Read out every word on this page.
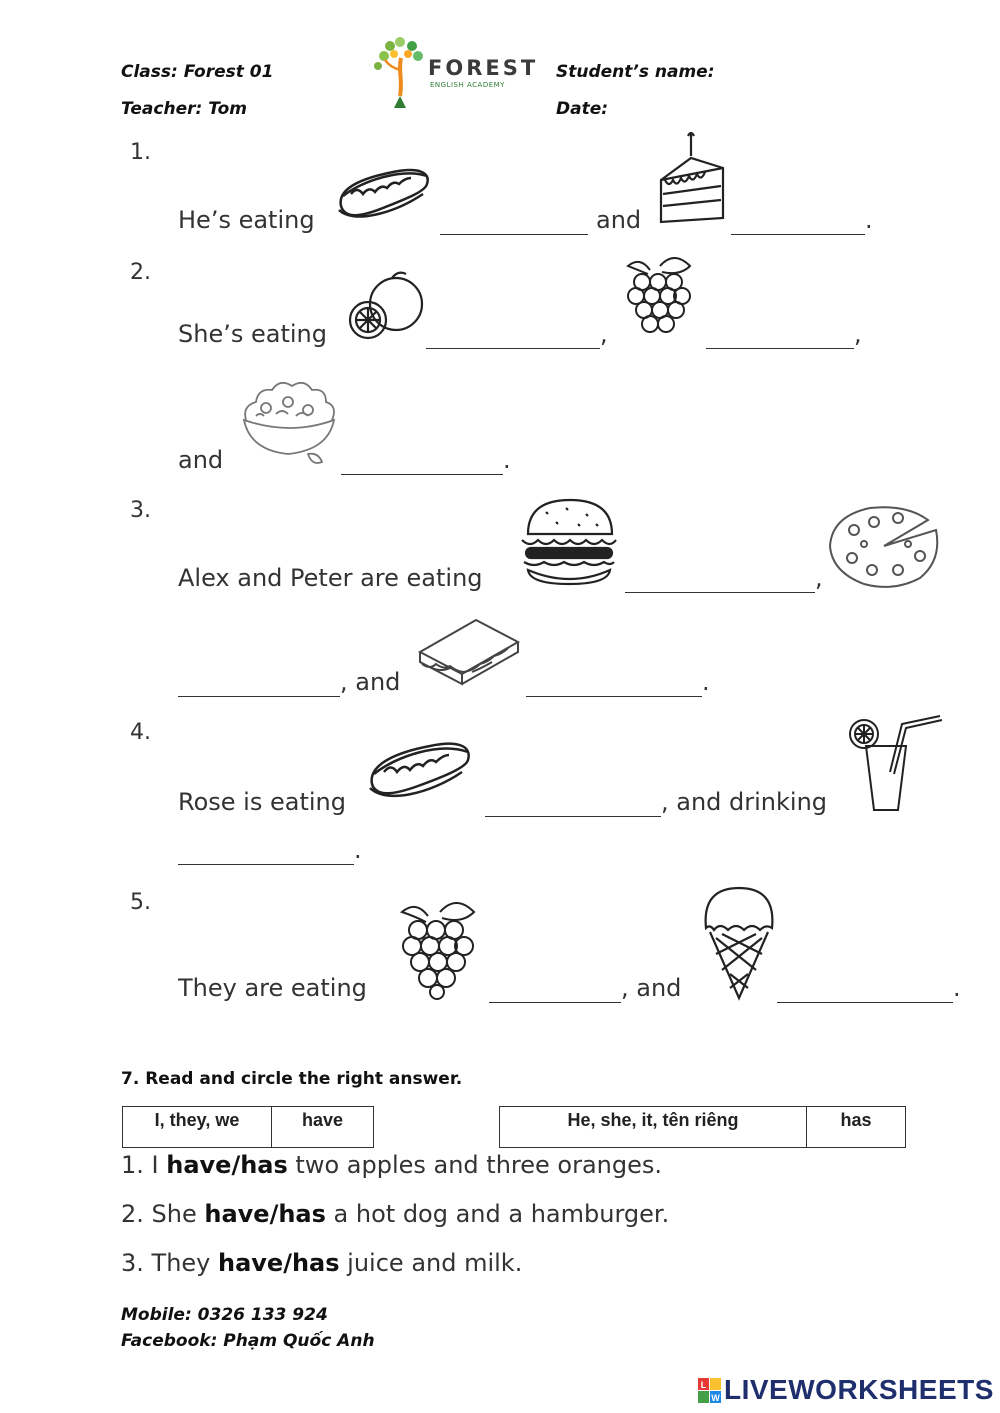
Class: Forest 01
Teacher: Tom
Student’s name:
Date:
FOREST
ENGLISH ACADEMY
1.
He’s eating	and	.
2.
She’s eating	,	,
and	.
3.
Alex and Peter are eating	,
, and	.
4.
Rose is eating	, and drinking
.
5.
They are eating	, and	.
7. Read and circle the right answer.
I, they, we	have	He, she, it, tên riêng	has
1. I have/has two apples and three oranges.
2. She have/has a hot dog and a hamburger.
3. They have/has juice and milk.
Mobile: 0326 133 924
Facebook: Phạm Quốc Anh
L
W LIVEWORKSHEETS
